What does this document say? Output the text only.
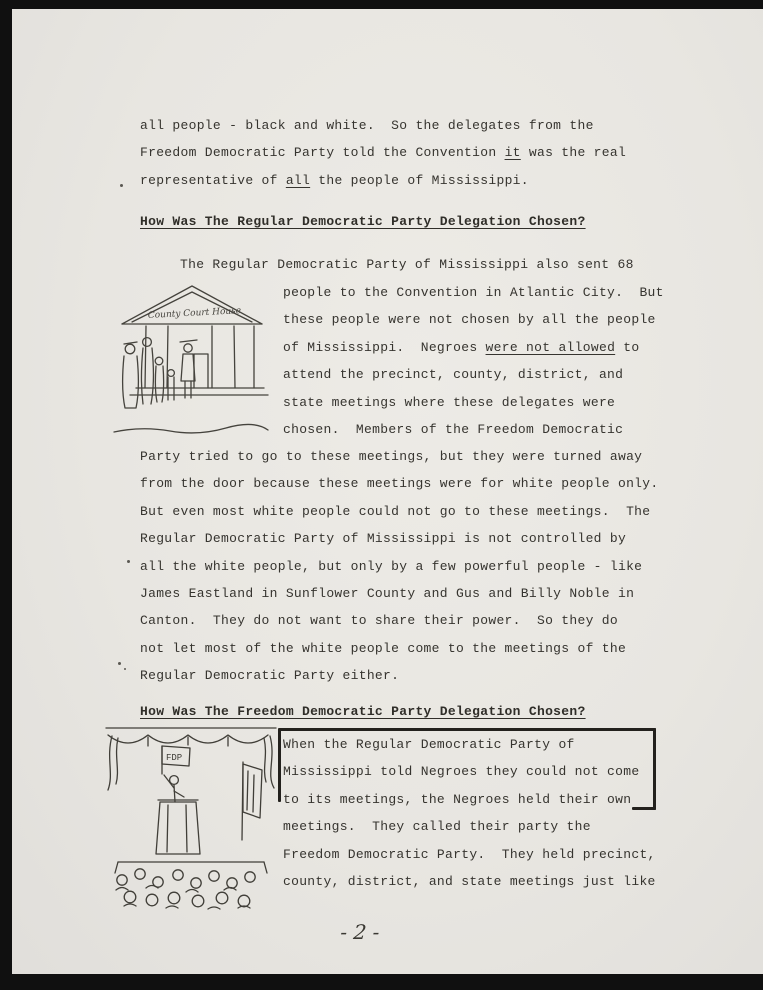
all people - black and white.  So the delegates from the
Freedom Democratic Party told the Convention it was the real
representative of all the people of Mississippi.
How Was The Regular Democratic Party Delegation Chosen?
The Regular Democratic Party of Mississippi also sent 68
County Court House
people to the Convention in Atlantic City.  But
these people were not chosen by all the people
of Mississippi.  Negroes were not allowed to
attend the precinct, county, district, and
state meetings where these delegates were
chosen.  Members of the Freedom Democratic
Party tried to go to these meetings, but they were turned away
from the door because these meetings were for white people only.
But even most white people could not go to these meetings.  The
Regular Democratic Party of Mississippi is not controlled by
all the white people, but only by a few powerful people - like
James Eastland in Sunflower County and Gus and Billy Noble in
Canton.  They do not want to share their power.  So they do
not let most of the white people come to the meetings of the
Regular Democratic Party either.
How Was The Freedom Democratic Party Delegation Chosen?
FDP
When the Regular Democratic Party of
Mississippi told Negroes they could not come
to its meetings, the Negroes held their own
meetings.  They called their party the
Freedom Democratic Party.  They held precinct,
county, district, and state meetings just like
- 2 -
